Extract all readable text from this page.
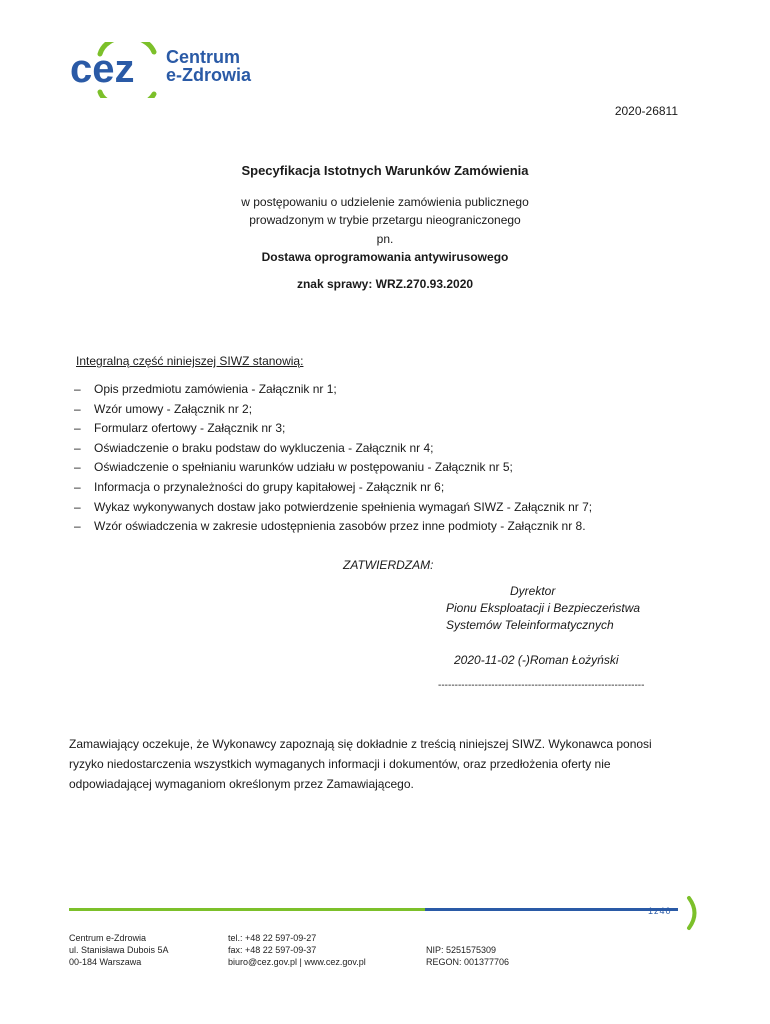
cez Centrum
e-Zdrowia
2020-26811
Specyfikacja Istotnych Warunków Zamówienia
w postępowaniu o udzielenie zamówienia publicznego
prowadzonym w trybie przetargu nieograniczonego
pn.
Dostawa oprogramowania antywirusowego
znak sprawy: WRZ.270.93.2020
Integralną część niniejszej SIWZ stanowią:
– Opis przedmiotu zamówienia - Załącznik nr 1;
– Wzór umowy - Załącznik nr 2;
– Formularz ofertowy - Załącznik nr 3;
– Oświadczenie o braku podstaw do wykluczenia - Załącznik nr 4;
– Oświadczenie o spełnianiu warunków udziału w postępowaniu - Załącznik nr 5;
– Informacja o przynależności do grupy kapitałowej - Załącznik nr 6;
– Wykaz wykonywanych dostaw jako potwierdzenie spełnienia wymagań SIWZ - Załącznik nr 7;
– Wzór oświadczenia w zakresie udostępnienia zasobów przez inne podmioty - Załącznik nr 8.
ZATWIERDZAM:
Dyrektor
Pionu Eksploatacji i Bezpieczeństwa
Systemów Teleinformatycznych
2020-11-02 (-)Roman Łożyński
--------------------------------------------------------------
Zamawiający oczekuje, że Wykonawcy zapoznają się dokładnie z treścią niniejszej SIWZ. Wykonawca ponosi ryzyko niedostarczenia wszystkich wymaganych informacji i dokumentów, oraz przedłożenia oferty nie odpowiadającej wymaganiom określonym przez Zamawiającego.
1z40
Centrum e-Zdrowia
ul. Stanisława Dubois 5A
00-184 Warszawa
tel.: +48 22 597-09-27
fax: +48 22 597-09-37
biuro@cez.gov.pl | www.cez.gov.pl
NIP: 5251575309
REGON: 001377706
